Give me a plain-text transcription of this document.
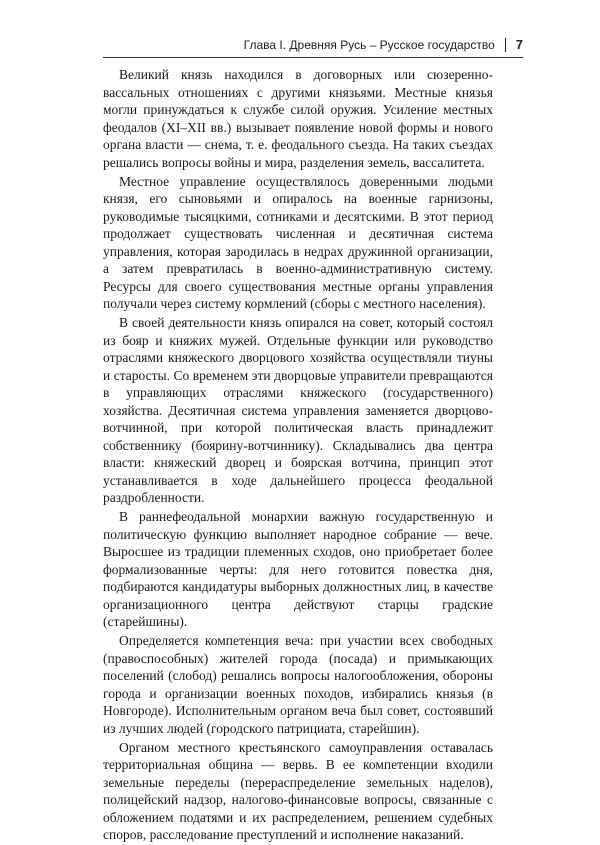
Глава I. Древняя Русь – Русское государство	7

Великий князь находился в договорных или сюзеренно-вассальных отношениях с другими князьями. Местные князья могли принуждаться к службе силой оружия. Усиление местных феодалов (XI–XII вв.) вызывает появление новой формы и нового органа власти — снема, т. е. феодального съезда. На таких съездах решались вопросы войны и мира, разделения земель, вассалитета.

Местное управление осуществлялось доверенными людьми князя, его сыновьями и опиралось на военные гарнизоны, руководимые тысяцкими, сотниками и десятскими. В этот период продолжает существовать численная и десятичная система управления, которая зародилась в недрах дружинной организации, а затем превратилась в военно-административную систему. Ресурсы для своего существования местные органы управления получали через систему кормлений (сборы с местного населения).

В своей деятельности князь опирался на совет, который состоял из бояр и княжих мужей. Отдельные функции или руководство отраслями княжеского дворцового хозяйства осуществляли тиуны и старосты. Со временем эти дворцовые управители превращаются в управляющих отраслями княжеского (государственного) хозяйства. Десятичная система управления заменяется дворцово-вотчинной, при которой политическая власть принадлежит собственнику (боярину-вотчиннику). Складывались два центра власти: княжеский дворец и боярская вотчина, принцип этот устанавливается в ходе дальнейшего процесса феодальной раздробленности.

В раннефеодальной монархии важную государственную и политическую функцию выполняет народное собрание — вече. Выросшее из традиции племенных сходов, оно приобретает более формализованные черты: для него готовится повестка дня, подбираются кандидатуры выборных должностных лиц, в качестве организационного центра действуют старцы градские (старейшины).

Определяется компетенция веча: при участии всех свободных (правоспособных) жителей города (посада) и примыкающих поселений (слобод) решались вопросы налогообложения, обороны города и организации военных походов, избирались князья (в Новгороде). Исполнительным органом веча был совет, состоявший из лучших людей (городского патрициата, старейшин).

Органом местного крестьянского самоуправления оставалась территориальная община — вервь. В ее компетенции входили земельные переделы (перераспределение земельных наделов), полицейский надзор, налогово-финансовые вопросы, связанные с обложением податями и их распределением, решением судебных споров, расследование преступлений и исполнение наказаний.
